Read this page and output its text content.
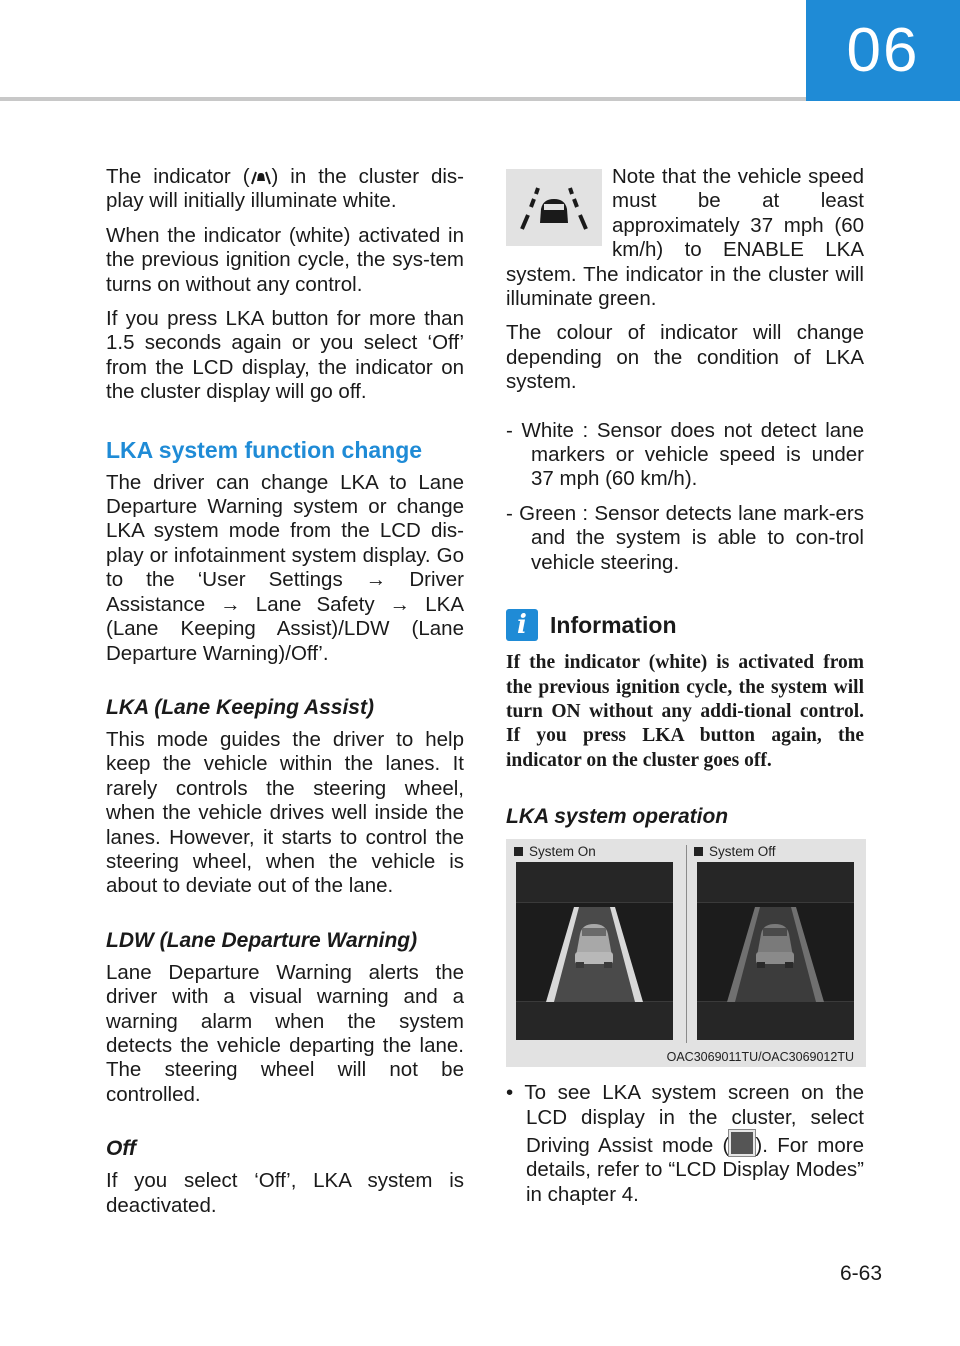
06

The indicator ( ) in the cluster dis-play will initially illuminate white.

When the indicator (white) activated in the previous ignition cycle, the sys-tem turns on without any control.

If you press LKA button for more than 1.5 seconds again or you select ‘Off’ from the LCD display, the indicator on the cluster display will go off.

LKA system function change

The driver can change LKA to Lane Departure Warning system or change LKA system mode from the LCD dis-play or infotainment system display. Go to the ‘User Settings → Driver Assistance → Lane Safety → LKA (Lane Keeping Assist)/LDW (Lane Departure Warning)/Off’.

LKA (Lane Keeping Assist)

This mode guides the driver to help keep the vehicle within the lanes. It rarely controls the steering wheel, when the vehicle drives well inside the lanes. However, it starts to control the steering wheel, when the vehicle is about to deviate out of the lane.

LDW (Lane Departure Warning)

Lane Departure Warning alerts the driver with a visual warning and a warning alarm when the system detects the vehicle departing the lane. The steering wheel will not be controlled.

Off

If you select ‘Off’, LKA system is deactivated.

Note that the vehicle speed must be at least approximately 37 mph (60 km/h) to ENABLE LKA system. The indicator in the cluster will illuminate green.

The colour of indicator will change depending on the condition of LKA system.

- White : Sensor does not detect lane markers or vehicle speed is under 37 mph (60 km/h).
- Green : Sensor detects lane mark-ers and the system is able to con-trol vehicle steering.
i	Information

If the indicator (white) is activated from the previous ignition cycle, the system will turn ON without any addi-tional control. If you press LKA button again, the indicator on the cluster goes off.

LKA system operation
System On	System Off
OAC3069011TU/OAC3069012TU
• To see LKA system screen on the LCD display in the cluster, select Driving Assist mode ( ). For more details, refer to “LCD Display Modes” in chapter 4.
6-63
